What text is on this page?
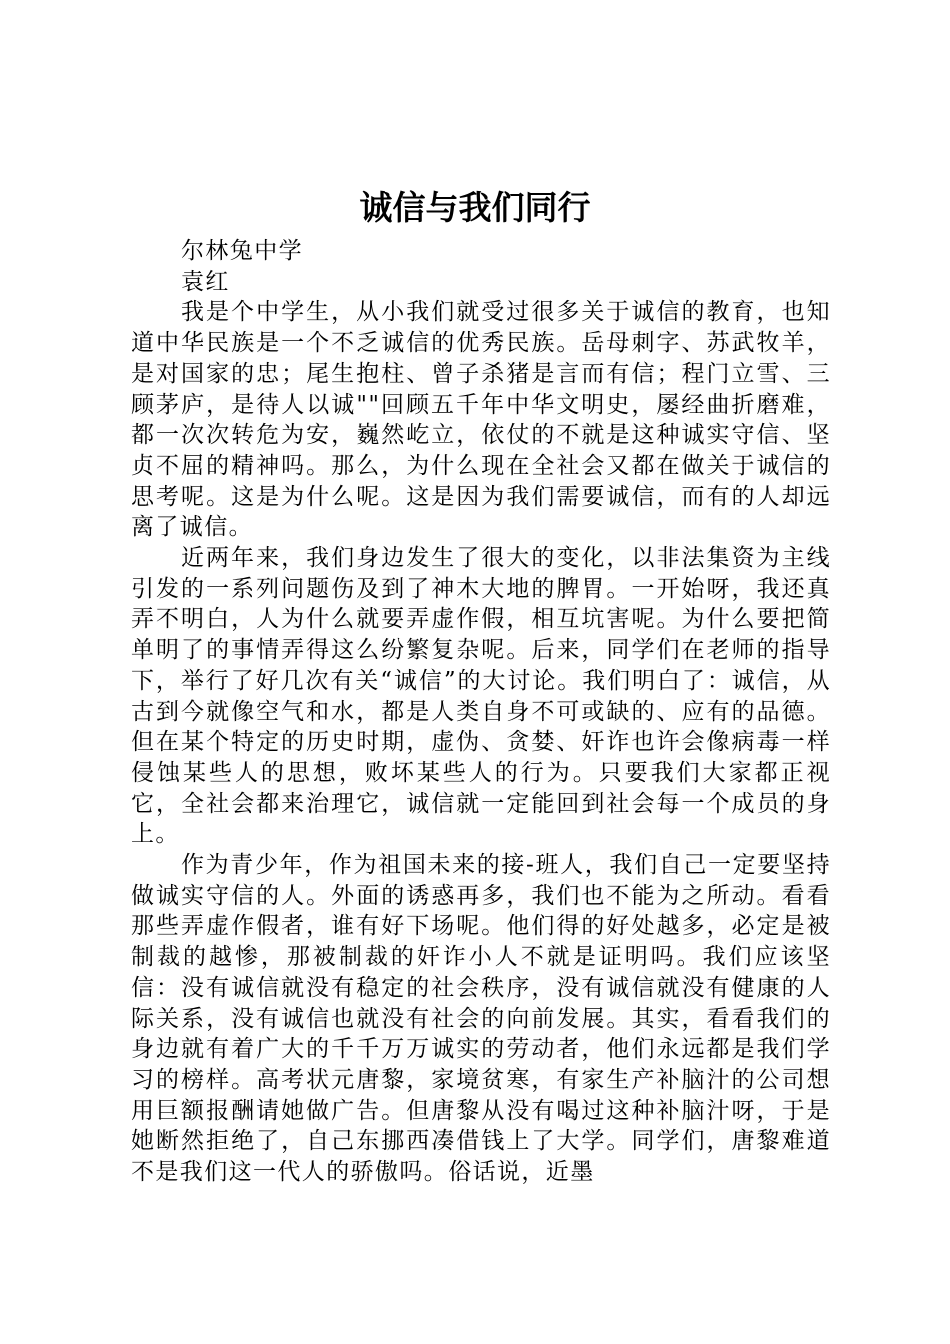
诚信与我们同行

尔林兔中学

袁红

我是个中学生，从小我们就受过很多关于诚信的教育，也知道中华民族是一个不乏诚信的优秀民族。岳母刺字、苏武牧羊，是对国家的忠；尾生抱柱、曾子杀猪是言而有信；程门立雪、三顾茅庐，是待人以诚""回顾五千年中华文明史，屡经曲折磨难，都一次次转危为安，巍然屹立，依仗的不就是这种诚实守信、坚贞不屈的精神吗。那么，为什么现在全社会又都在做关于诚信的思考呢。这是为什么呢。这是因为我们需要诚信，而有的人却远离了诚信。

近两年来，我们身边发生了很大的变化，以非法集资为主线引发的一系列问题伤及到了神木大地的脾胃。一开始呀，我还真弄不明白，人为什么就要弄虚作假，相互坑害呢。为什么要把简单明了的事情弄得这么纷繁复杂呢。后来，同学们在老师的指导下，举行了好几次有关“诚信”的大讨论。我们明白了：诚信，从古到今就像空气和水，都是人类自身不可或缺的、应有的品德。但在某个特定的历史时期，虚伪、贪婪、奸诈也许会像病毒一样侵蚀某些人的思想，败坏某些人的行为。只要我们大家都正视它，全社会都来治理它，诚信就一定能回到社会每一个成员的身上。

作为青少年，作为祖国未来的接-班人，我们自己一定要坚持做诚实守信的人。外面的诱惑再多，我们也不能为之所动。看看那些弄虚作假者，谁有好下场呢。他们得的好处越多，必定是被制裁的越惨，那被制裁的奸诈小人不就是证明吗。我们应该坚信：没有诚信就没有稳定的社会秩序，没有诚信就没有健康的人际关系，没有诚信也就没有社会的向前发展。其实，看看我们的身边就有着广大的千千万万诚实的劳动者，他们永远都是我们学习的榜样。高考状元唐黎，家境贫寒，有家生产补脑汁的公司想用巨额报酬请她做广告。但唐黎从没有喝过这种补脑汁呀，于是她断然拒绝了，自己东挪西凑借钱上了大学。同学们，唐黎难道不是我们这一代人的骄傲吗。俗话说，近墨
